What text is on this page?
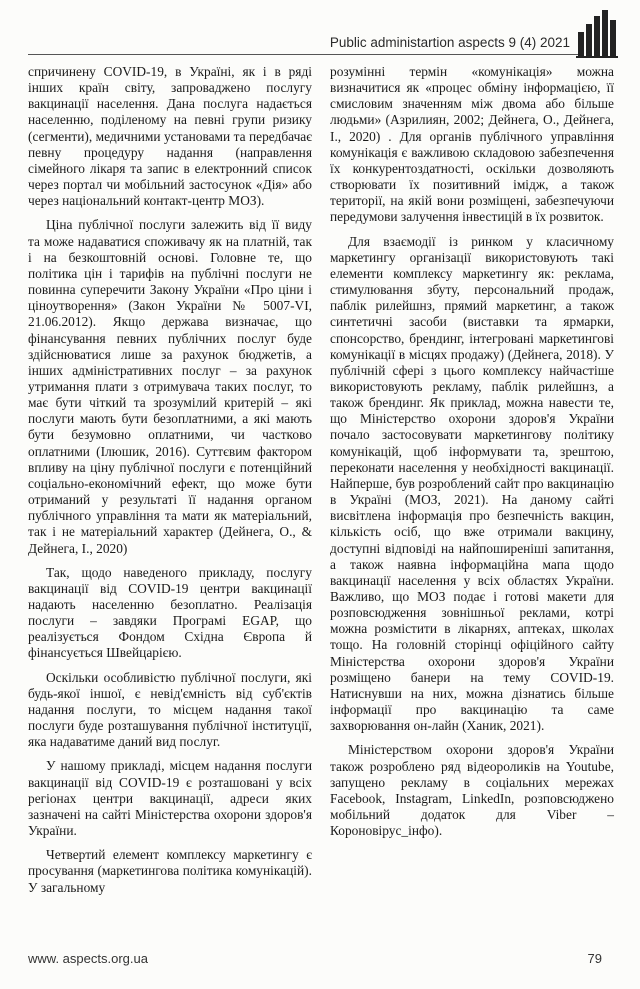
Public administartion aspects 9 (4) 2021

спричинену COVID-19, в Україні, як і в ряді інших країн світу, запроваджено послугу вакцинації населення. Дана послуга надається населенню, поділеному на певні групи ризику (сегменти), медичними установами та передбачає певну процедуру надання (направлення сімейного лікаря та запис в електронний список через портал чи мобільний застосунок «Дія» або через національний контакт-центр МОЗ).

Ціна публічної послуги залежить від її виду та може надаватися споживачу як на платній, так і на безкоштовній основі. Головне те, що політика цін і тарифів на публічні послуги не повинна суперечити Закону України «Про ціни і ціноутворення» (Закон України № 5007-VI, 21.06.2012). Якщо держава визначає, що фінансування певних публічних послуг буде здійснюватися лише за рахунок бюджетів, а інших адміністративних послуг – за рахунок утримання плати з отримувача таких послуг, то має бути чіткий та зрозумілий критерій – які послуги мають бути безоплатними, а які мають бути безумовно оплатними, чи частково оплатними (Ілюшик, 2016). Суттєвим фактором впливу на ціну публічної послуги є потенційний соціально-економічний ефект, що може бути отриманий у результаті її надання органом публічного управління та мати як матеріальний, так і не матеріальний характер (Дейнега, О., & Дейнега, І., 2020)

Так, щодо наведеного прикладу, послугу вакцинації від COVID-19 центри вакцинації надають населенню безоплатно. Реалізація послуги – завдяки Програмі EGAP, що реалізується Фондом Східна Європа й фінансується Швейцарією.

Оскільки особливістю публічної послуги, які будь-якої іншої, є невід'ємність від суб'єктів надання послуги, то місцем надання такої послуги буде розташування публічної інституції, яка надаватиме даний вид послуг.

У нашому прикладі, місцем надання послуги вакцинації від COVID-19 є розташовані у всіх регіонах центри вакцинації, адреси яких зазначені на сайті Міністерства охорони здоров'я України.

Четвертий елемент комплексу маркетингу є просування (маркетингова політика комунікацій). У загальному

розумінні термін «комунікація» можна визначитися як «процес обміну інформацією, її смисловим значенням між двома або більше людьми» (Азрилиян, 2002; Дейнега, О., Дейнега, І., 2020) . Для органів публічного управління комунікація є важливою складовою забезпечення їх конкурентоздатності, оскільки дозволяють створювати їх позитивний імідж, а також території, на якій вони розміщені, забезпечуючи передумови залучення інвестицій в їх розвиток.

Для взаємодії із ринком у класичному маркетингу організації використовують такі елементи комплексу маркетингу як: реклама, стимулювання збуту, персональний продаж, паблік рилейшнз, прямий маркетинг, а також синтетичні засоби (виставки та ярмарки, спонсорство, брендинг, інтегровані маркетингові комунікації в місцях продажу) (Дейнега, 2018). У публічній сфері з цього комплексу найчастіше використовують рекламу, паблік рилейшнз, а також брендинг. Як приклад, можна навести те, що Міністерство охорони здоров'я України почало застосовувати маркетингову політику комунікацій, щоб інформувати та, зрештою, переконати населення у необхідності вакцинації. Найперше, був розроблений сайт про вакцинацію в Україні (МОЗ, 2021). На даному сайті висвітлена інформація про безпечність вакцин, кількість осіб, що вже отримали вакцину, доступні відповіді на найпоширеніші запитання, а також наявна інформаційна мапа щодо вакцинації населення у всіх областях України. Важливо, що МОЗ подає і готові макети для розповсюдження зовнішньої реклами, котрі можна розмістити в лікарнях, аптеках, школах тощо. На головній сторінці офіційного сайту Міністерства охорони здоров'я України розміщено банери на тему COVID-19. Натиснувши на них, можна дізнатись більше інформації про вакцинацію та саме захворювання он-лайн (Ханик, 2021).

Міністерством охорони здоров'я України також розроблено ряд відеороликів на Youtube, запущено рекламу в соціальних мережах Facebook, Instagram, LinkedIn, розповсюджено мобільний додаток для Viber –Короновірус_інфо).

www. aspects.org.ua	79
